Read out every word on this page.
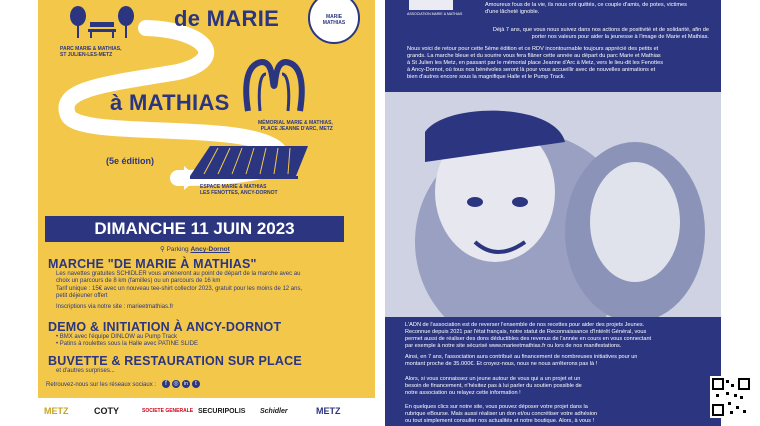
PARC MARIE & MATHIAS,
ST JULIEN-LES-METZ
de MARIE	MARIE MATHIAS
à MATHIAS
MÉMORIAL MARIE & MATHIAS,
PLACE JEANNE D'ARC, METZ
(5e édition)
ESPACE MARIE & MATHIAS
LES FENOTTES, ANCY-DORNOT
DIMANCHE 11 JUIN 2023
⚲ Parking Ancy-Dornot
MARCHE "DE MARIE À MATHIAS"
Les navettes gratuites SCHIDLER vous amèneront au point de départ de la marche avec au
choix un parcours de 8 km (familles) ou un parcours de 16 km
Tarif unique : 15€ avec un nouveau tee-shirt collector 2023, gratuit pour les moins de 12 ans,
petit déjeuner offert
Inscriptions via notre site : marieetmathias.fr
DEMO & INITIATION À ANCY-DORNOT
• BMX avec l'équipe DINLOW au Pump Track
• Patins à roulettes sous la Halle avec PATINE SLIDE
BUVETTE & RESTAURATION SUR PLACE
et d'autres surprises...
Retrouvez-nous sur les réseaux sociaux :	f	◎	in	t
METZ	COTY	SOCIETE GENERALE SECURIPOLIS Schidler	METZ
ASSOCIATION MARIE & MATHIAS
Amoureux fous de la vie, ils nous ont quittés, ce couple d'amis, de potes, victimes
d'une lâcheté ignoble.
Déjà 7 ans, que vous nous suivez dans nos actions de positivité et de solidarité, afin de
porter nos valeurs pour aider la jeunesse à l'image de Marie et Mathias.
Nous voici de retour pour cette 5ème édition et ce RDV incontournable toujours apprécié des petits et
grands. La marche bleue et du sourire vous fera flâner cette année au départ du parc Marie et Mathias
à St Julien les Metz, en passant par le mémorial place Jeanne d'Arc à Metz, vers le lieu-dit les Fenottes
à Ancy-Dornot, où tous nos bénévoles seront là pour vous accueillir avec de nouvelles animations et
bien d'autres encore sous la magnifique Halle et le Pump Track.
L'ADN de l'association est de reverser l'ensemble de nos recettes pour aider des projets Jeunes.
Reconnue depuis 2021 par l'état français, notre statut de Reconnaissance d'Intérêt Général, vous
permet aussi de réaliser des dons déductibles des revenus de l'année en cours en vous connectant
par exemple à notre site sécurisé www.marieetmathias.fr ou lors de nos manifestations.
Ainsi, en 7 ans, l'association aura contribué au financement de nombreuses initiatives pour un
montant proche de 35.000€. Et croyez-nous, nous ne nous arrêterons pas là !
Alors, si vous connaissez un jeune autour de vous qui a un projet et un
besoin de financement, n'hésitez pas à lui parler du soutien possible de
notre association ou relayez cette information !
En quelques clics sur notre site, vous pouvez déposer votre projet dans la
rubrique eBourse. Mais aussi réaliser un don et/ou concrétiser votre adhésion
ou tout simplement consulter nos actualités et notre boutique. Alors, à vous !
